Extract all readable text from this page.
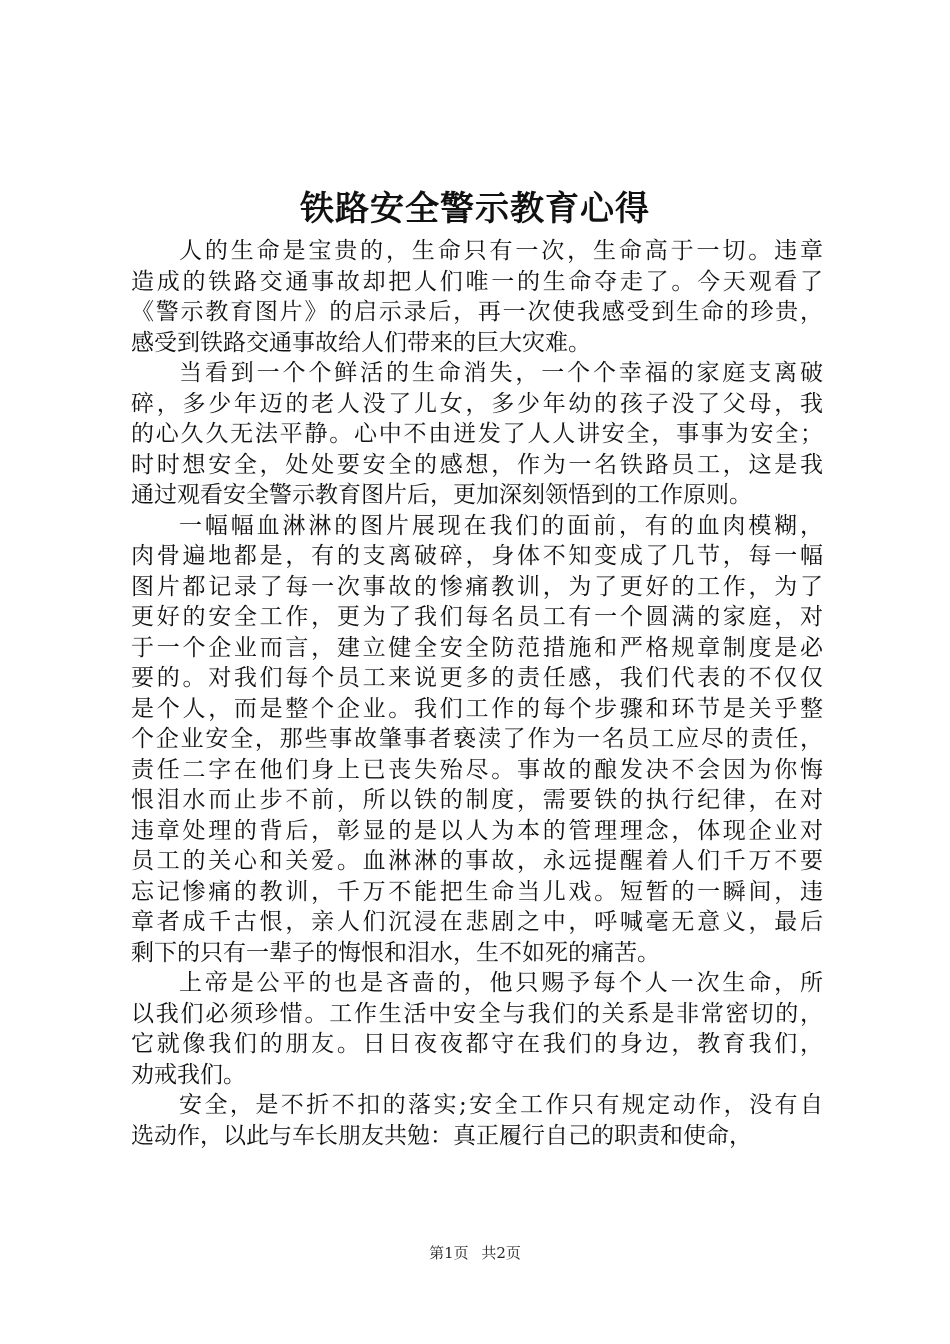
铁路安全警示教育心得

人的生命是宝贵的，生命只有一次，生命高于一切。违章
造成的铁路交通事故却把人们唯一的生命夺走了。今天观看了
《警示教育图片》的启示录后，再一次使我感受到生命的珍贵，
感受到铁路交通事故给人们带来的巨大灾难。

当看到一个个鲜活的生命消失，一个个幸福的家庭支离破
碎，多少年迈的老人没了儿女，多少年幼的孩子没了父母，我
的心久久无法平静。心中不由迸发了人人讲安全，事事为安全；
时时想安全，处处要安全的感想，作为一名铁路员工，这是我
通过观看安全警示教育图片后，更加深刻领悟到的工作原则。

一幅幅血淋淋的图片展现在我们的面前，有的血肉模糊，
肉骨遍地都是，有的支离破碎，身体不知变成了几节，每一幅
图片都记录了每一次事故的惨痛教训，为了更好的工作，为了
更好的安全工作，更为了我们每名员工有一个圆满的家庭，对
于一个企业而言，建立健全安全防范措施和严格规章制度是必
要的。对我们每个员工来说更多的责任感，我们代表的不仅仅
是个人，而是整个企业。我们工作的每个步骤和环节是关乎整
个企业安全，那些事故肇事者亵渎了作为一名员工应尽的责任，
责任二字在他们身上已丧失殆尽。事故的酿发决不会因为你悔
恨泪水而止步不前，所以铁的制度，需要铁的执行纪律，在对
违章处理的背后，彰显的是以人为本的管理理念，体现企业对
员工的关心和关爱。血淋淋的事故，永远提醒着人们千万不要
忘记惨痛的教训，千万不能把生命当儿戏。短暂的一瞬间，违
章者成千古恨，亲人们沉浸在悲剧之中，呼喊毫无意义，最后
剩下的只有一辈子的悔恨和泪水，生不如死的痛苦。

上帝是公平的也是吝啬的，他只赐予每个人一次生命，所
以我们必须珍惜。工作生活中安全与我们的关系是非常密切的，
它就像我们的朋友。日日夜夜都守在我们的身边，教育我们，
劝戒我们。

安全，是不折不扣的落实;安全工作只有规定动作，没有自
选动作，以此与车长朋友共勉：真正履行自己的职责和使命，

第1页 共2页
